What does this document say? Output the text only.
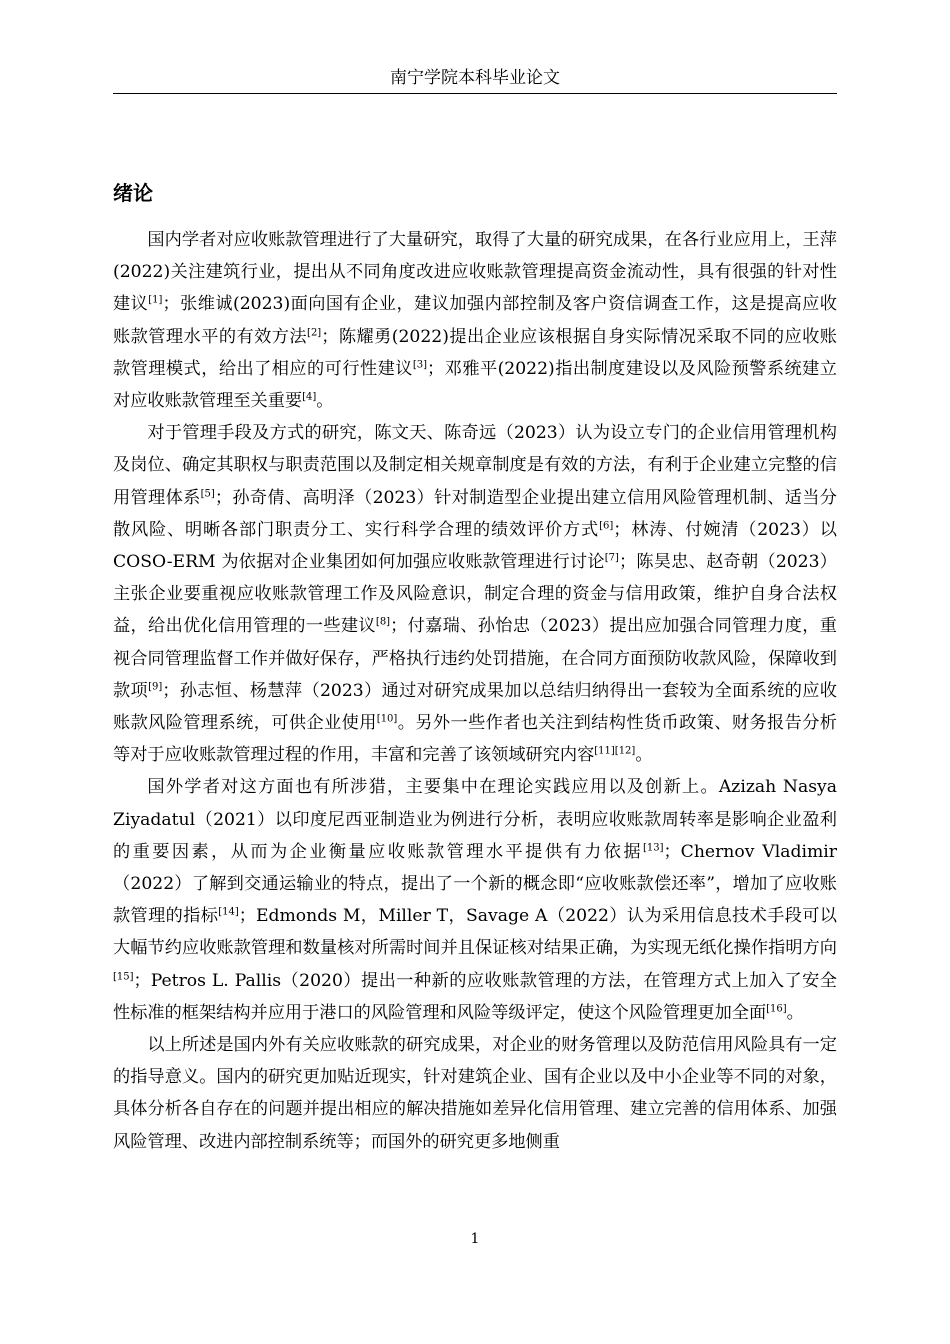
南宁学院本科毕业论文
绪论

国内学者对应收账款管理进行了大量研究，取得了大量的研究成果，在各行业应用上，王萍(2022)关注建筑行业，提出从不同角度改进应收账款管理提高资金流动性，具有很强的针对性建议[1]；张维诚(2023)面向国有企业，建议加强内部控制及客户资信调查工作，这是提高应收账款管理水平的有效方法[2]；陈耀勇(2022)提出企业应该根据自身实际情况采取不同的应收账款管理模式，给出了相应的可行性建议[3]；邓雅平(2022)指出制度建设以及风险预警系统建立对应收账款管理至关重要[4]。

对于管理手段及方式的研究，陈文天、陈奇远（2023）认为设立专门的企业信用管理机构及岗位、确定其职权与职责范围以及制定相关规章制度是有效的方法，有利于企业建立完整的信用管理体系[5]；孙奇倩、高明泽（2023）针对制造型企业提出建立信用风险管理机制、适当分散风险、明晰各部门职责分工、实行科学合理的绩效评价方式[6]；林涛、付婉清（2023）以 COSO-ERM 为依据对企业集团如何加强应收账款管理进行讨论[7]；陈昊忠、赵奇朝（2023）主张企业要重视应收账款管理工作及风险意识，制定合理的资金与信用政策，维护自身合法权益，给出优化信用管理的一些建议[8]；付嘉瑞、孙怡忠（2023）提出应加强合同管理力度，重视合同管理监督工作并做好保存，严格执行违约处罚措施，在合同方面预防收款风险，保障收到款项[9]；孙志恒、杨慧萍（2023）通过对研究成果加以总结归纳得出一套较为全面系统的应收账款风险管理系统，可供企业使用[10]。另外一些作者也关注到结构性货币政策、财务报告分析等对于应收账款管理过程的作用，丰富和完善了该领域研究内容[11][12]。

国外学者对这方面也有所涉猎，主要集中在理论实践应用以及创新上。Azizah Nasya Ziyadatul（2021）以印度尼西亚制造业为例进行分析，表明应收账款周转率是影响企业盈利的重要因素，从而为企业衡量应收账款管理水平提供有力依据[13]；Chernov Vladimir（2022）了解到交通运输业的特点，提出了一个新的概念即“应收账款偿还率”，增加了应收账款管理的指标[14]；Edmonds M，Miller T，Savage A（2022）认为采用信息技术手段可以大幅节约应收账款管理和数量核对所需时间并且保证核对结果正确，为实现无纸化操作指明方向[15]；Petros L. Pallis（2020）提出一种新的应收账款管理的方法，在管理方式上加入了安全性标准的框架结构并应用于港口的风险管理和风险等级评定，使这个风险管理更加全面[16]。

以上所述是国内外有关应收账款的研究成果，对企业的财务管理以及防范信用风险具有一定的指导意义。国内的研究更加贴近现实，针对建筑企业、国有企业以及中小企业等不同的对象，具体分析各自存在的问题并提出相应的解决措施如差异化信用管理、建立完善的信用体系、加强风险管理、改进内部控制系统等；而国外的研究更多地侧重

1
